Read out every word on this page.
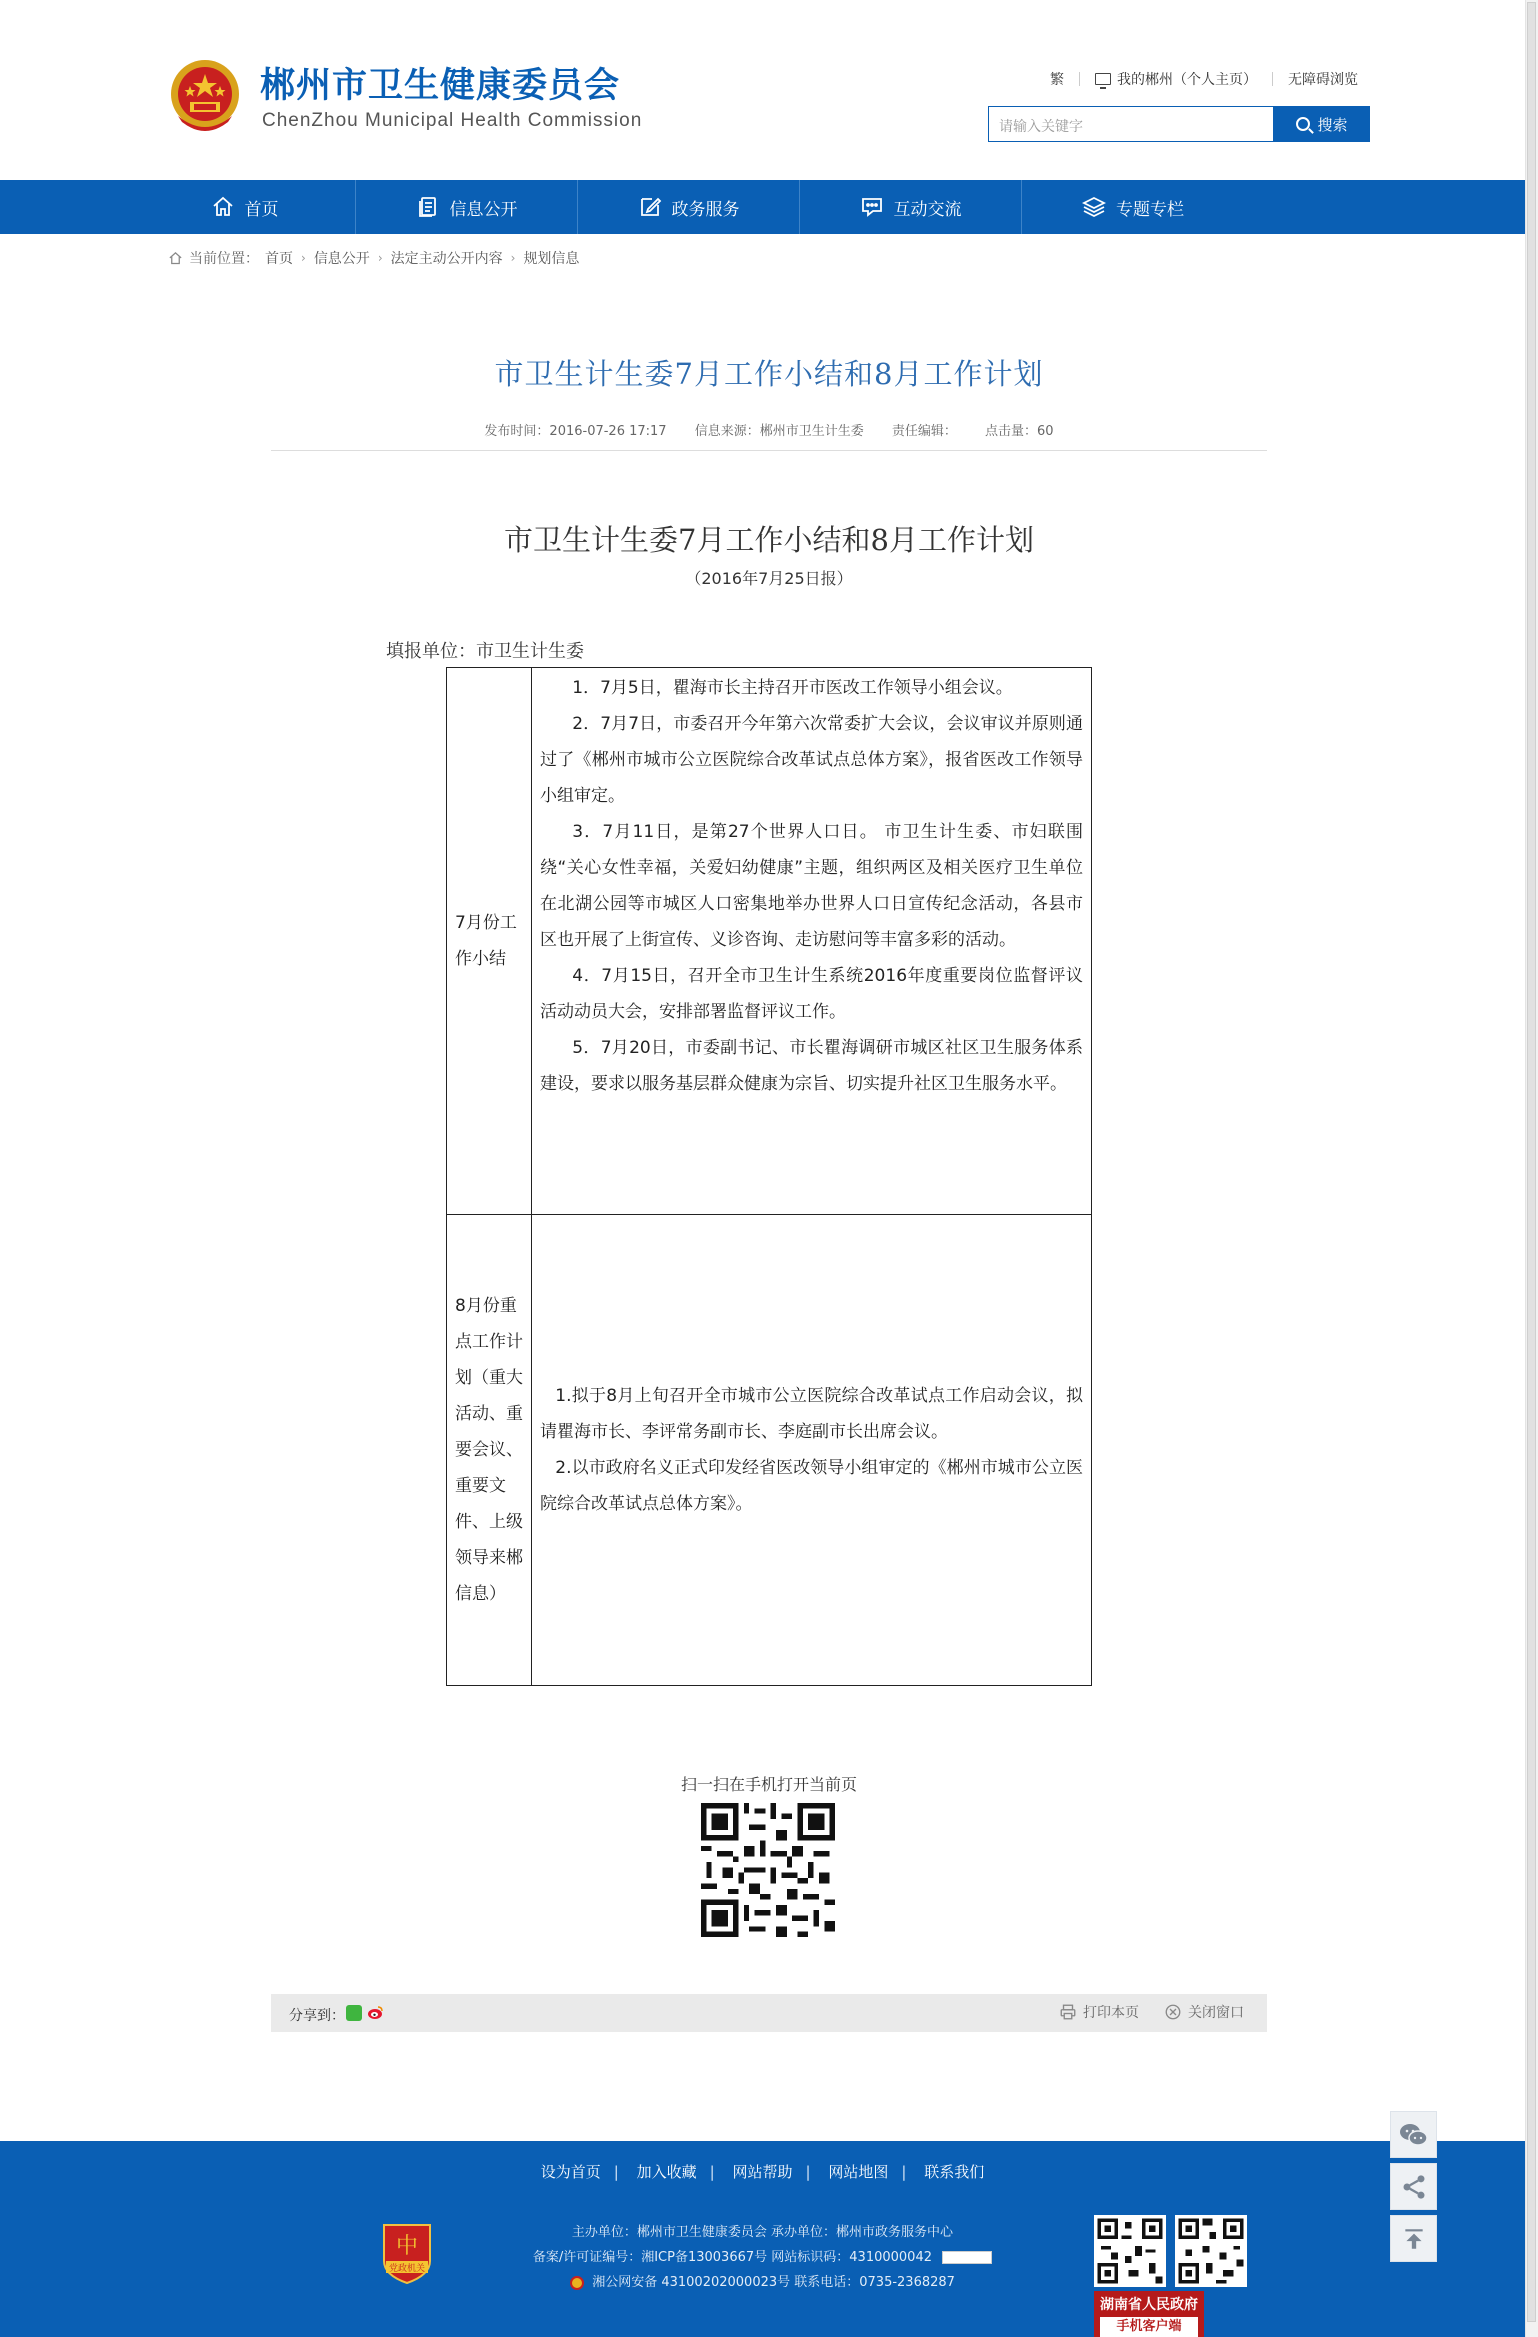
郴州市卫生健康委员会
ChenZhou Municipal Health Commission
繁	我的郴州（个人主页） 无障碍浏览
请输入关键字	搜索
首页	信息公开	政务服务	互动交流	专题专栏
当前位置： 首页 › 信息公开 › 法定主动公开内容 › 规划信息
市卫生计生委7月工作小结和8月工作计划
发布时间：2016-07-26 17:17 信息来源：郴州市卫生计生委 责任编辑： 点击量：60
市卫生计生委7月工作小结和8月工作计划
（2016年7月25日报）
填报单位：市卫生计生委
7月份工作小结	1．7月5日，瞿海市长主持召开市医改工作领导小组会议。

2．7月7日，市委召开今年第六次常委扩大会议，会议审议并原则通过了《郴州市城市公立医院综合改革试点总体方案》，报省医改工作领导小组审定。

3．7月11日，是第27个世界人口日。 市卫生计生委、市妇联围绕“关心女性幸福，关爱妇幼健康”主题，组织两区及相关医疗卫生单位在北湖公园等市城区人口密集地举办世界人口日宣传纪念活动，各县市区也开展了上街宣传、义诊咨询、走访慰问等丰富多彩的活动。

4．7月15日，召开全市卫生计生系统2016年度重要岗位监督评议活动动员大会，安排部署监督评议工作。

5．7月20日，市委副书记、市长瞿海调研市城区社区卫生服务体系建设，要求以服务基层群众健康为宗旨、切实提升社区卫生服务水平。

8月份重点工作计划（重大活动、重要会议、重要文件、上级领导来郴信息）	1.拟于8月上旬召开全市城市公立医院综合改革试点工作启动会议，拟请瞿海市长、李评常务副市长、李庭副市长出席会议。

2.以市政府名义正式印发经省医改领导小组审定的《郴州市城市公立医院综合改革试点总体方案》。

扫一扫在手机打开当前页
分享到：	打印本页	关闭窗口
设为首页 | 加入收藏 | 网站帮助 | 网站地图 | 联系我们
主办单位：郴州市卫生健康委员会 承办单位：郴州市政务服务中心
备案/许可证编号：湘ICP备13003667号 网站标识码：4310000042
湘公网安备 43100202000023号 联系电话：0735-2368287
中
党政机关
湖南省人民政府
手机客户端
